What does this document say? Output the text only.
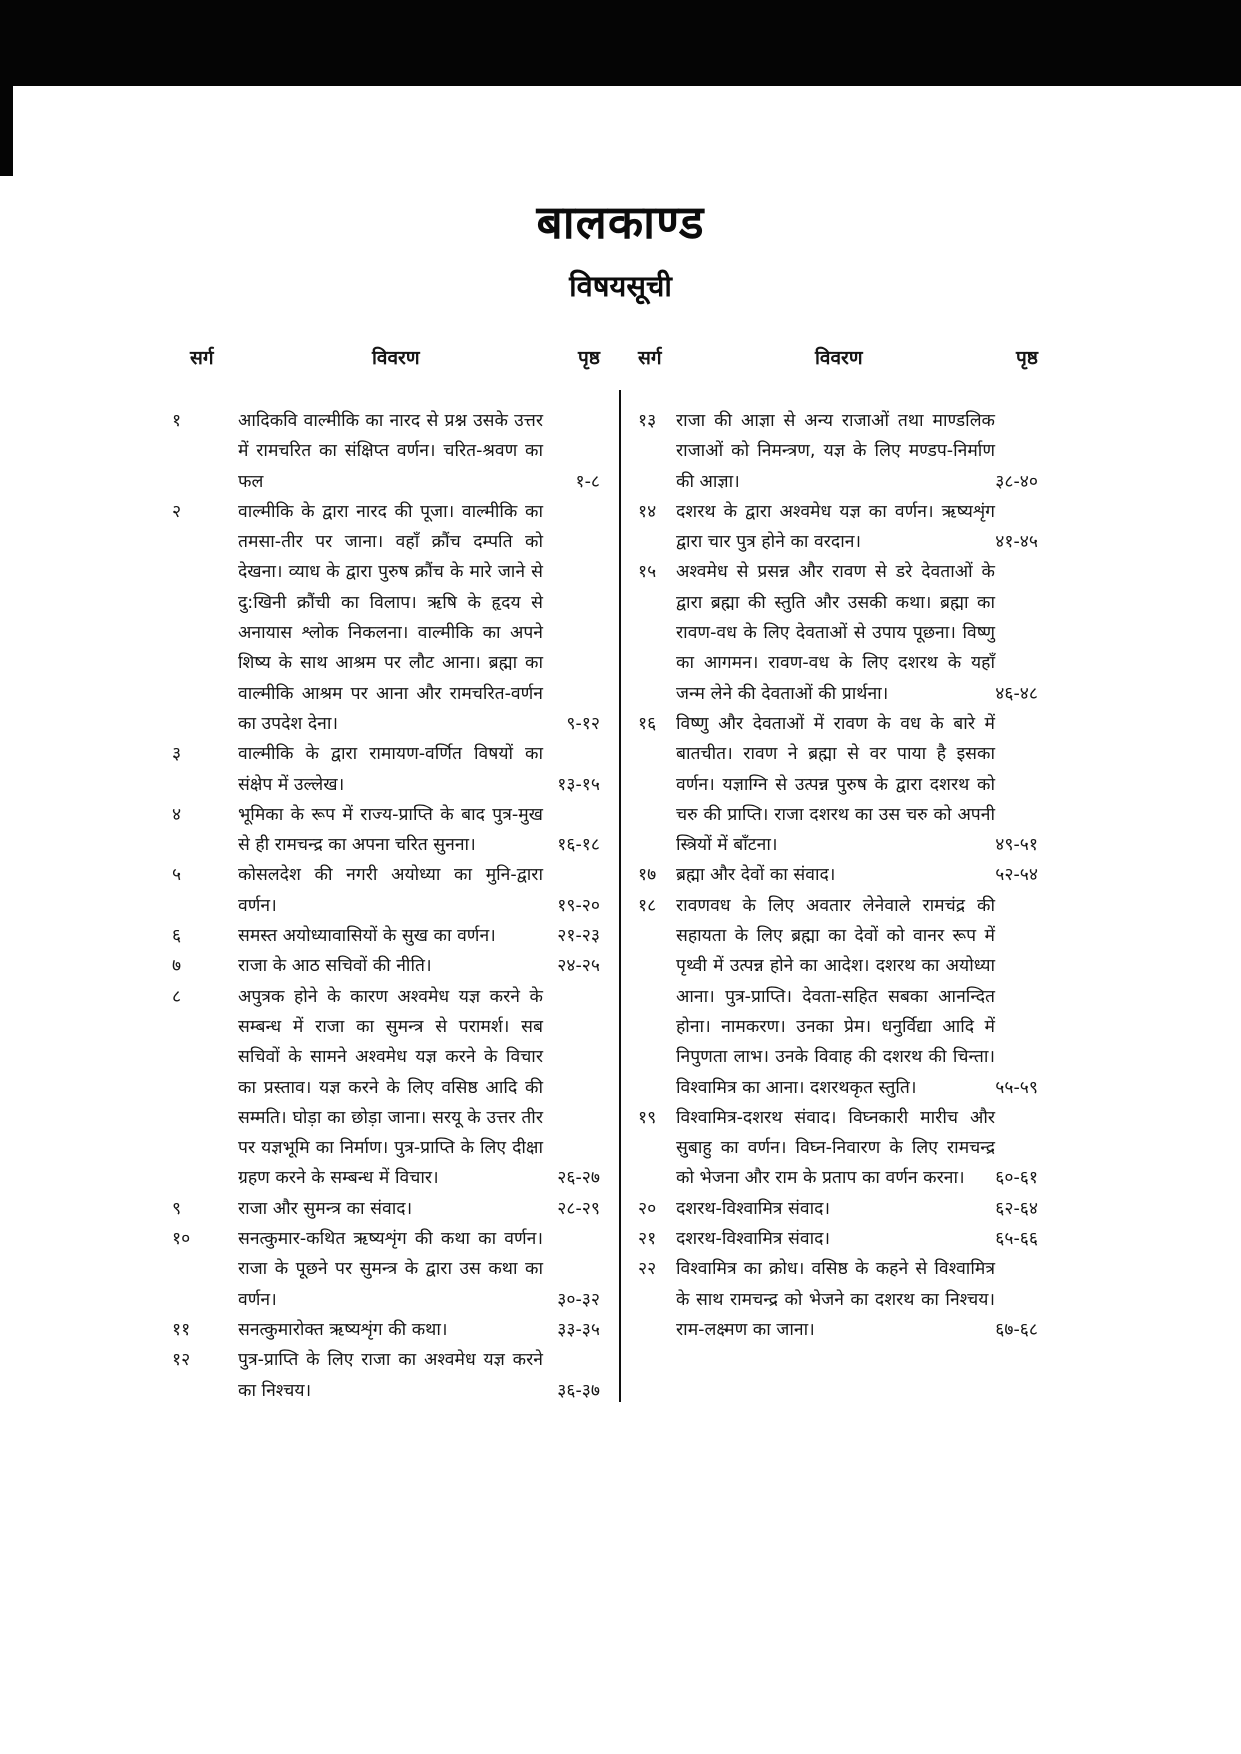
बालकाण्ड
विषयसूची
सर्ग	विवरण	पृष्ठ
१	आदिकवि वाल्मीकि का नारद से प्रश्न उसके उत्तर में रामचरित का संक्षिप्त वर्णन। चरित-श्रवण का फल	१-८
२	वाल्मीकि के द्वारा नारद की पूजा। वाल्मीकि का तमसा-तीर पर जाना। वहाँ क्रौंच दम्पति को देखना। व्याध के द्वारा पुरुष क्रौंच के मारे जाने से दु:खिनी क्रौंची का विलाप। ऋषि के हृदय से अनायास श्लोक निकलना। वाल्मीकि का अपने शिष्य के साथ आश्रम पर लौट आना। ब्रह्मा का वाल्मीकि आश्रम पर आना और रामचरित-वर्णन का उपदेश देना।	९-१२
३	वाल्मीकि के द्वारा रामायण-वर्णित विषयों का संक्षेप में उल्लेख।	१३-१५
४	भूमिका के रूप में राज्य-प्राप्ति के बाद पुत्र-मुख से ही रामचन्द्र का अपना चरित सुनना।	१६-१८
५	कोसलदेश की नगरी अयोध्या का मुनि-द्वारा वर्णन।	१९-२०
६	समस्त अयोध्यावासियों के सुख का वर्णन।	२१-२३
७	राजा के आठ सचिवों की नीति।	२४-२५
८	अपुत्रक होने के कारण अश्वमेध यज्ञ करने के सम्बन्ध में राजा का सुमन्त्र से परामर्श। सब सचिवों के सामने अश्वमेध यज्ञ करने के विचार का प्रस्ताव। यज्ञ करने के लिए वसिष्ठ आदि की सम्मति। घोड़ा का छोड़ा जाना। सरयू के उत्तर तीर पर यज्ञभूमि का निर्माण। पुत्र-प्राप्ति के लिए दीक्षा ग्रहण करने के सम्बन्ध में विचार।	२६-२७
९	राजा और सुमन्त्र का संवाद।	२८-२९
१०	सनत्कुमार-कथित ऋष्यशृंग की कथा का वर्णन। राजा के पूछने पर सुमन्त्र के द्वारा उस कथा का वर्णन।	३०-३२
११	सनत्कुमारोक्त ऋष्यशृंग की कथा।	३३-३५
१२	पुत्र-प्राप्ति के लिए राजा का अश्वमेध यज्ञ करने का निश्चय।	३६-३७
सर्ग	विवरण	पृष्ठ
१३	राजा की आज्ञा से अन्य राजाओं तथा माण्डलिक राजाओं को निमन्त्रण, यज्ञ के लिए मण्डप-निर्माण की आज्ञा।	३८-४०
१४	दशरथ के द्वारा अश्वमेध यज्ञ का वर्णन। ऋष्यशृंग द्वारा चार पुत्र होने का वरदान।	४१-४५
१५	अश्वमेध से प्रसन्न और रावण से डरे देवताओं के द्वारा ब्रह्मा की स्तुति और उसकी कथा। ब्रह्मा का रावण-वध के लिए देवताओं से उपाय पूछना। विष्णु का आगमन। रावण-वध के लिए दशरथ के यहाँ जन्म लेने की देवताओं की प्रार्थना।	४६-४८
१६	विष्णु और देवताओं में रावण के वध के बारे में बातचीत। रावण ने ब्रह्मा से वर पाया है इसका वर्णन। यज्ञाग्नि से उत्पन्न पुरुष के द्वारा दशरथ को चरु की प्राप्ति। राजा दशरथ का उस चरु को अपनी स्त्रियों में बाँटना।	४९-५१
१७	ब्रह्मा और देवों का संवाद।	५२-५४
१८	रावणवध के लिए अवतार लेनेवाले रामचंद्र की सहायता के लिए ब्रह्मा का देवों को वानर रूप में पृथ्वी में उत्पन्न होने का आदेश। दशरथ का अयोध्या आना। पुत्र-प्राप्ति। देवता-सहित सबका आनन्दित होना। नामकरण। उनका प्रेम। धनुर्विद्या आदि में निपुणता लाभ। उनके विवाह की दशरथ की चिन्ता। विश्वामित्र का आना। दशरथकृत स्तुति।	५५-५९
१९	विश्वामित्र-दशरथ संवाद। विघ्नकारी मारीच और सुबाहु का वर्णन। विघ्न-निवारण के लिए रामचन्द्र को भेजना और राम के प्रताप का वर्णन करना।	६०-६१
२०	दशरथ-विश्वामित्र संवाद।	६२-६४
२१	दशरथ-विश्वामित्र संवाद।	६५-६६
२२	विश्वामित्र का क्रोध। वसिष्ठ के कहने से विश्वामित्र के साथ रामचन्द्र को भेजने का दशरथ का निश्चय। राम-लक्ष्मण का जाना।	६७-६८
